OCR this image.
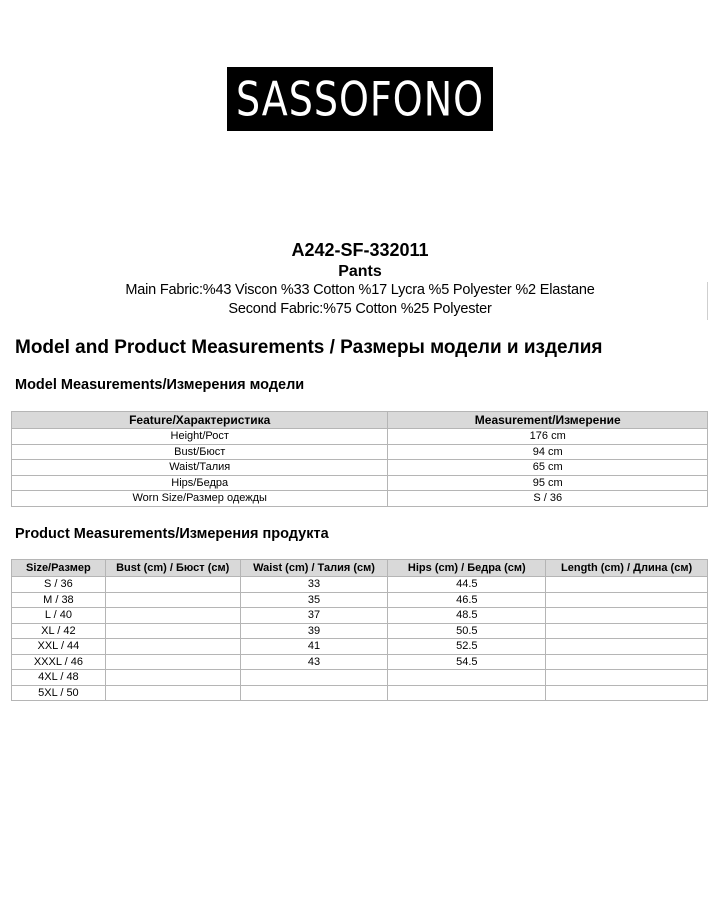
SASSOFONO
A242-SF-332011
Pants
Main Fabric:%43 Viscon %33 Cotton %17 Lycra %5 Polyester %2 Elastane
Second Fabric:%75 Cotton %25 Polyester
Model and Product Measurements / Размеры модели и изделия
Model Measurements/Измерения модели
Feature/Характеристика	Measurement/Измерение
Height/Рост	176 cm
Bust/Бюст	94 cm
Waist/Талия	65 cm
Hips/Бедра	95 cm
Worn Size/Размер одежды	S / 36
Product Measurements/Измерения продукта
Size/Размер	Bust (cm) / Бюст (см)	Waist (cm) / Талия (см)	Hips (cm) / Бедра (см)	Length (cm) / Длина (см)
S / 36		33	44.5	
M / 38		35	46.5	
L / 40		37	48.5	
XL / 42		39	50.5	
XXL / 44		41	52.5	
XXXL / 46		43	54.5	
4XL / 48				
5XL / 50				
